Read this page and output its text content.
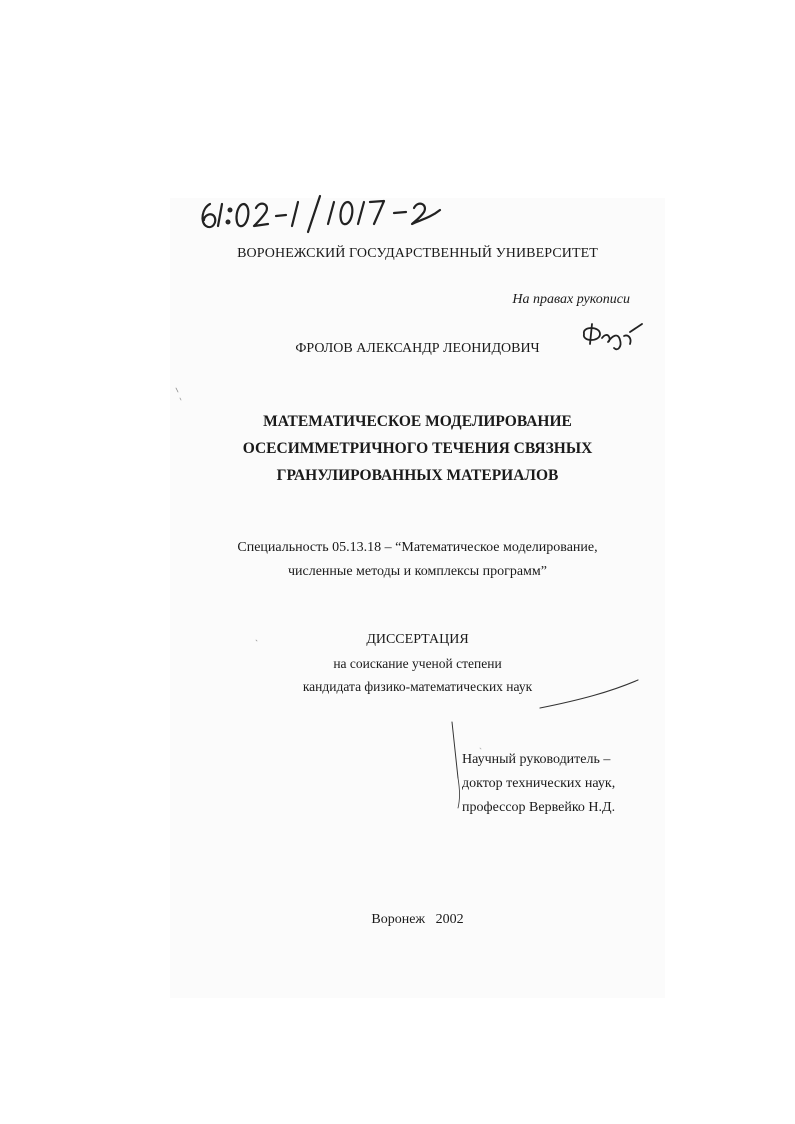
ВОРОНЕЖСКИЙ ГОСУДАРСТВЕННЫЙ УНИВЕРСИТЕТ
На правах рукописи
ФРОЛОВ АЛЕКСАНДР ЛЕОНИДОВИЧ
МАТЕМАТИЧЕСКОЕ МОДЕЛИРОВАНИЕ
ОСЕСИММЕТРИЧНОГО ТЕЧЕНИЯ СВЯЗНЫХ
ГРАНУЛИРОВАННЫХ МАТЕРИАЛОВ
Специальность 05.13.18 – “Математическое моделирование,
численные методы и комплексы программ”
ДИССЕРТАЦИЯ
на соискание ученой степени
кандидата физико-математических наук
Научный руководитель –
доктор технических наук,
профессор Вервейко Н.Д.
Воронеж   2002
